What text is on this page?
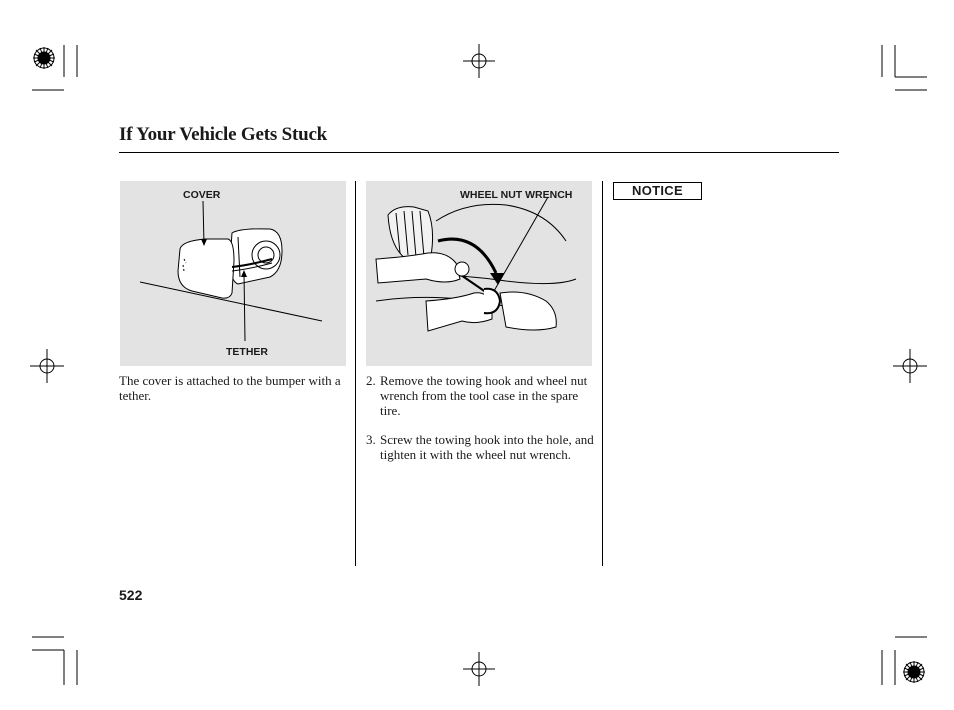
If Your Vehicle Gets Stuck
COVER
TETHER
WHEEL NUT WRENCH
The cover is attached to the bumper with a tether.
2. Remove the towing hook and wheel nut wrench from the tool case in the spare tire.
3. Screw the towing hook into the hole, and tighten it with the wheel nut wrench.
NOTICE
522
